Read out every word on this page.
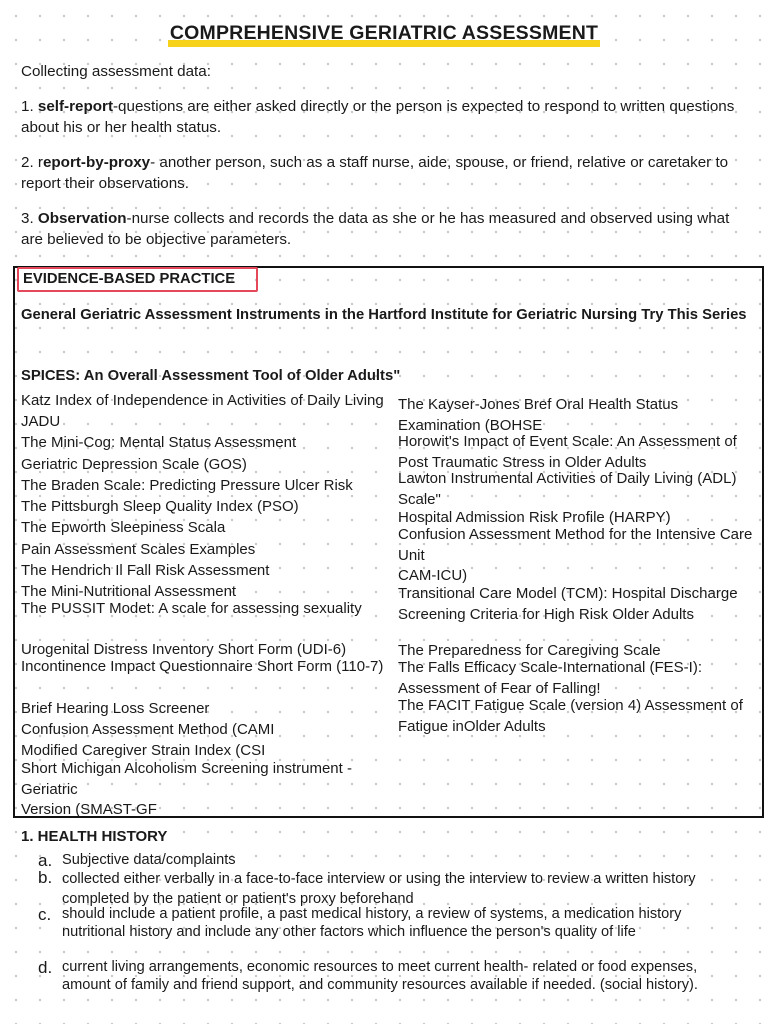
COMPREHENSIVE GERIATRIC ASSESSMENT

Collecting assessment data:

1. self-report-questions are either asked directly or the person is expected to respond to written questions about his or her health status.

2. report-by-proxy- another person, such as a staff nurse, aide, spouse, or friend, relative or caretaker to report their observations.

3. Observation-nurse collects and records the data as she or he has measured and observed using what are believed to be objective parameters.

EVIDENCE-BASED PRACTICE

General Geriatric Assessment Instruments in the Hartford Institute for Geriatric Nursing Try This Series

SPICES: An Overall Assessment Tool of Older Adults"

Katz Index of Independence in Activities of Daily Living JADU

The Mini-Cog: Mental Status Assessment

Geriatric Depression Scale (GOS)

The Braden Scale: Predicting Pressure Ulcer Risk

The Pittsburgh Sleep Quality Index (PSO)

The Epworth Sleepiness Scala

Pain Assessment Scales Examples

The Hendrich Il Fall Risk Assessment

The Mini-Nutritional Assessment

The PUSSIT Modet: A scale for assessing sexuality

Urogenital Distress Inventory Short Form (UDI-6)

Incontinence Impact Questionnaire Short Form (110-7)

Brief Hearing Loss Screener

Confusion Assessment Method (CAMI

Modified Caregiver Strain Index (CSI

Short Michigan Alcoholism Screening instrument - Geriatric

Version (SMAST-GF

The Kayser-Jones Bref Oral Health Status Examination (BOHSE

Horowit's Impact of Event Scale: An Assessment of Post Traumatic Stress in Older Adults

Lawton Instrumental Activities of Daily Living (ADL) Scale"

Hospital Admission Risk Profile (HARPY)

Confusion Assessment Method for the Intensive Care Unit

CAM-ICU)

Transitional Care Model (TCM): Hospital Discharge Screening Criteria for High Risk Older Adults

The Preparedness for Caregiving Scale

The Falls Efficacy Scale-International (FES-I): Assessment of Fear of Falling!

The FACIT Fatigue Scale (version 4) Assessment of Fatigue inOlder Adults

1. HEALTH HISTORY

a. Subjective data/complaints
b. collected either verbally in a face-to-face interview or using the interview to review a written history completed by the patient or patient's proxy beforehand
c. should include a patient profile, a past medical history, a review of systems, a medication history nutritional history and include any other factors which influence the person's quality of life
d. current living arrangements, economic resources to meet current health- related or food expenses, amount of family and friend support, and community resources available if needed. (social history).
